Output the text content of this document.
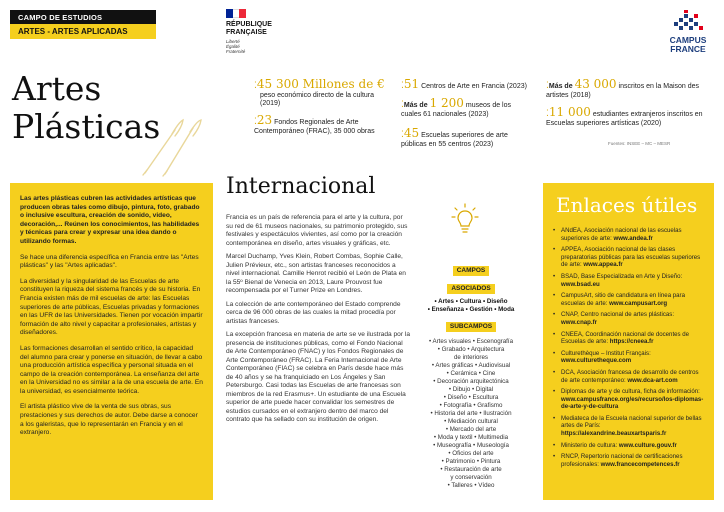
CAMPO DE ESTUDIOS
ARTES - ARTES APLICADAS
RÉPUBLIQUE
FRANÇAISE
Liberté
Égalité
Fraternité
CAMPUS
FRANCE
Artes
Plásticas
⁚45 300 Millones de €
peso económico directo de la cultura (2019)
⁚23 Fondos Regionales de Arte Contemporáneo (FRAC), 35 000 obras
⁚51 Centros de Arte en Francia (2023)
⁚Más de 1 200 museos de los cuales 61 nacionales (2023)
⁚45 Escuelas superiores de arte públicas en 55 centros (2023)
⁚Más de 43 000 inscritos en la Maison des artistes (2018)
⁚11 000 estudiantes extranjeros inscritos en Escuelas superiores artísticas (2020)
Fuentes: INSEE – MC – MESR

Las artes plásticas cubren las actividades artísticas que producen obras tales como dibujo, pintura, foto, grabado o inclusive escultura, creación de sonido, video, decoración,... Reúnen los conocimientos, las habilidades y técnicas para crear y expresar una idea dando o utilizando formas.

Se hace una diferencia específica en Francia entre las "Artes plásticas" y las "Artes aplicadas".

La diversidad y la singularidad de las Escuelas de arte constituyen la riqueza del sistema francés y de su historia. En Francia existen más de mil escuelas de arte: las Escuelas superiores de arte públicas, Escuelas privadas y formaciones en las UFR de las Universidades. Tienen por vocación impartir formación de alto nivel y capacitar a profesionales, artistas y diseñadores.

Las formaciones desarrollan el sentido crítico, la capacidad del alumno para crear y ponerse en situación, de llevar a cabo una producción artística específica y personal situada en el campo de la creación contemporánea. La enseñanza del arte en la Universidad no es similar a la de una escuela de arte. En la universidad, es esencialmente teórica.

El artista plástico vive de la venta de sus obras, sus prestaciones y sus derechos de autor. Debe darse a conocer a los galeristas, que lo representarán en Francia y en el extranjero.

Internacional

Francia es un país de referencia para el arte y la cultura, por su red de 61 museos nacionales, su patrimonio protegido, sus festivales y espectáculos vivientes, así como por la creación contemporánea en diseño, artes visuales y gráficas, etc.

Marcel Duchamp, Yves Klein, Robert Combas, Sophie Calle, Julien Prévieux, etc., son artistas franceses reconocidos a nivel internacional. Camille Henrot recibió el León de Plata en la 55º Bienal de Venecia en 2013, Laure Prouvost fue recompensada por el Turner Prize en Londres.

La colección de arte contemporáneo del Estado comprende cerca de 96 000 obras de las cuales la mitad procedía por artistas franceses.

La excepción francesa en materia de arte se ve ilustrada por la presencia de instituciones públicas, como el Fondo Nacional de Arte Contemporáneo (FNAC) y los Fondos Regionales de Arte Contemporáneo (FRAC). La Feria Internacional de Arte Contemporáneo (FIAC) se celebra en París desde hace más de 40 años y se ha franquiciado en Los Ángeles y San Petersburgo. Casi todas las Escuelas de arte francesas son miembros de la red Erasmus+. Un estudiante de una Escuela superior de arte puede hacer convalidar los semestres de estudios cursados en el extranjero dentro del marco del contrato que ha sellado con su institución de origen.

CAMPOS
ASOCIADOS
• Artes • Cultura • Diseño
• Enseñanza • Gestión • Moda
SUBCAMPOS
• Artes visuales • Escenografía
• Grabado • Arquitectura
de interiores
• Artes gráficas • Audiovisual
• Cerámica • Cine
• Decoración arquitectónica
• Dibujo • Digital
• Diseño • Escultura
• Fotografía • Grafismo
• Historia del arte • Ilustración
• Mediación cultural
• Mercado del arte
• Moda y textil • Multimedia
• Museografía • Museología
• Oficios del arte
• Patrimonio • Pintura
• Restauración de arte
y conservación
• Talleres • Vídeo
Enlaces útiles
• ANdEA, Asociación nacional de las escuelas superiores de arte: www.andea.fr
• APPEA, Asociación nacional de las clases preparatorias públicas para las escuelas superiores de arte: www.appea.fr
• BSAD, Base Especializada en Arte y Diseño: www.bsad.eu
• CampusArt, sitio de candidatura en línea para escuelas de arte: www.campusart.org
• CNAP, Centro nacional de artes plásticas: www.cnap.fr
• CNEEA, Coordinación nacional de docentes de Escuelas de arte: https://cneea.fr
• Culturethèque – Institut Français: www.culturetheque.com
• DCA, Asociación francesa de desarrollo de centros de arte contemporáneo: www.dca-art.com
• Diplomas de arte y de cultura, ficha de información: www.campusfrance.org/es/recurso/los-diplomas-de-arte-y-de-cultura
• Mediateca de la Escuela nacional superior de bellas artes de París: https://alexandrine.beauxartsparis.fr
• Ministerio de cultura: www.culture.gouv.fr
• RNCP, Repertorio nacional de certificaciones profesionales: www.francecompetences.fr
